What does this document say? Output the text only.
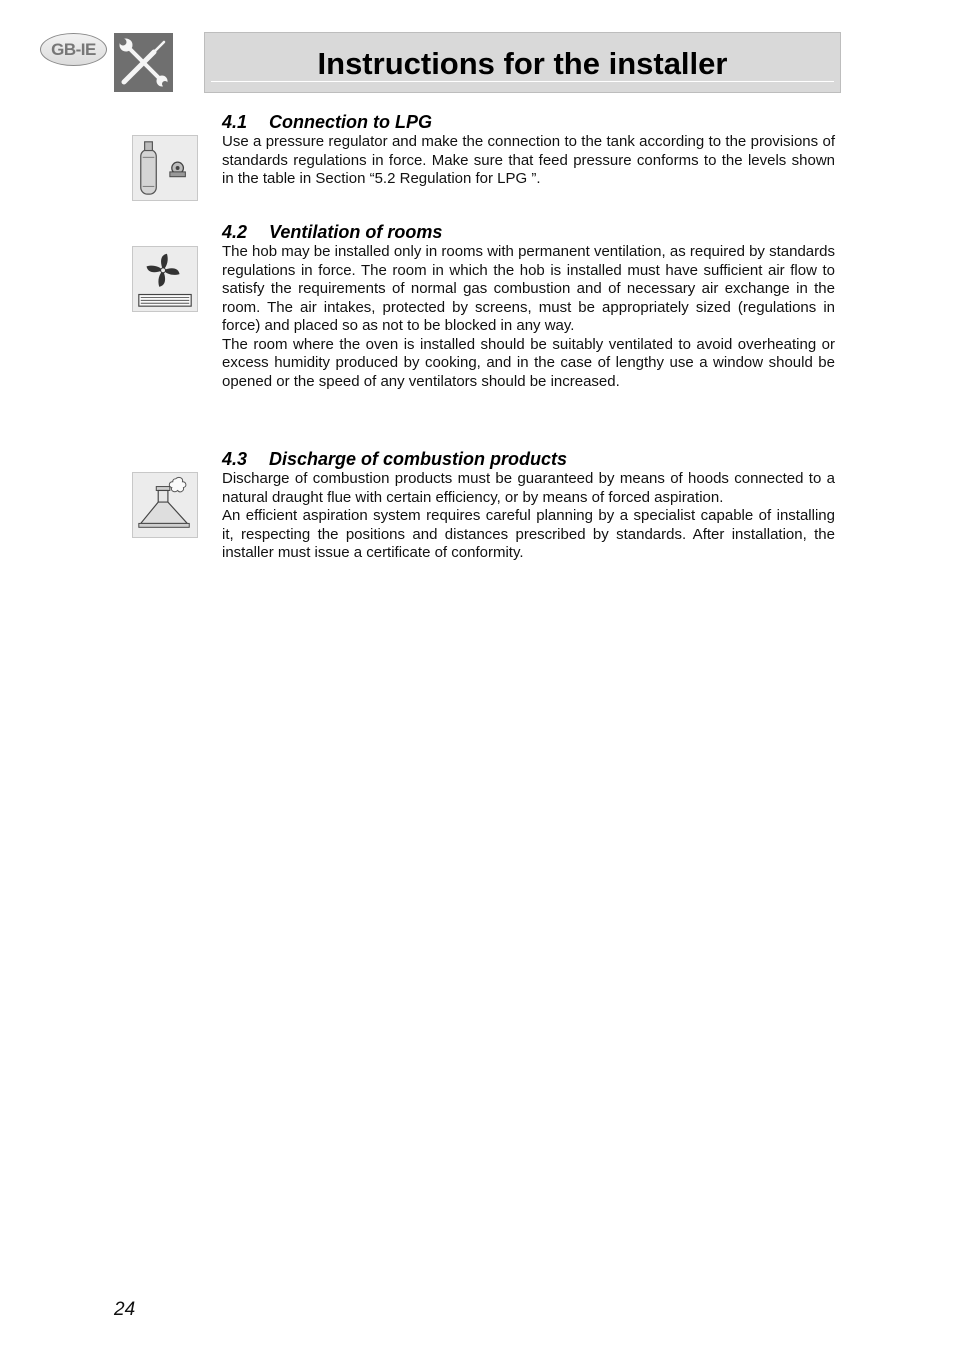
GB-IE	Instructions for the installer
4.1 Connection to LPG

Use a pressure regulator and make the connection to the tank according to the provisions of standards regulations in force. Make sure that feed pressure conforms to the levels shown in the table in Section “5.2 Regulation for LPG ”.

4.2 Ventilation of rooms

The hob may be installed only in rooms with permanent ventilation, as required by standards regulations in force. The room in which the hob is installed must have sufficient air flow to satisfy the requirements of normal gas combustion and of necessary air exchange in the room. The air intakes, protected by screens, must be appropriately sized (regulations in force) and placed so as not to be blocked in any way.

The room where the oven is installed should be suitably ventilated to avoid overheating or excess humidity produced by cooking, and in the case of lengthy use a window should be opened or the speed of any ventilators should be increased.

4.3 Discharge of combustion products

Discharge of combustion products must be guaranteed by means of hoods connected to a natural draught flue with certain efficiency, or by means of forced aspiration.

An efficient aspiration system requires careful planning by a specialist capable of installing it, respecting the positions and distances prescribed by standards. After installation, the installer must issue a certificate of conformity.

24
